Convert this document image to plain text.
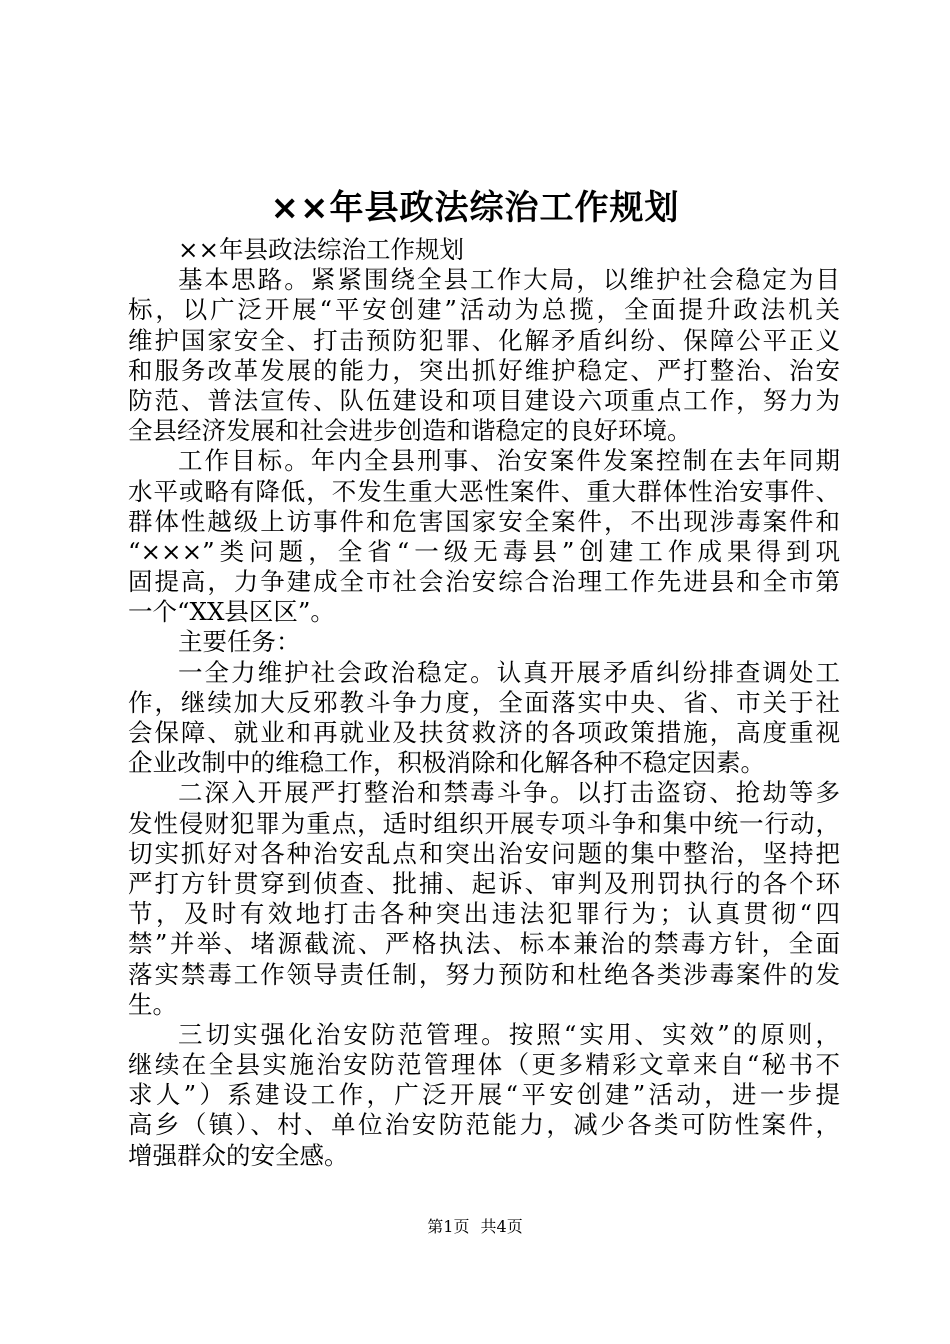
××年县政法综治工作规划
××年县政法综治工作规划
基本思路。紧紧围绕全县工作大局，以维护社会稳定为目
标，以广泛开展“平安创建”活动为总揽，全面提升政法机关
维护国家安全、打击预防犯罪、化解矛盾纠纷、保障公平正义
和服务改革发展的能力，突出抓好维护稳定、严打整治、治安
防范、普法宣传、队伍建设和项目建设六项重点工作，努力为
全县经济发展和社会进步创造和谐稳定的良好环境。
工作目标。年内全县刑事、治安案件发案控制在去年同期
水平或略有降低，不发生重大恶性案件、重大群体性治安事件、
群体性越级上访事件和危害国家安全案件，不出现涉毒案件和
“×××”类问题，全省“一级无毒县”创建工作成果得到巩
固提高，力争建成全市社会治安综合治理工作先进县和全市第
一个“XX县区区”。
主要任务：
一全力维护社会政治稳定。认真开展矛盾纠纷排查调处工
作，继续加大反邪教斗争力度，全面落实中央、省、市关于社
会保障、就业和再就业及扶贫救济的各项政策措施，高度重视
企业改制中的维稳工作，积极消除和化解各种不稳定因素。
二深入开展严打整治和禁毒斗争。以打击盗窃、抢劫等多
发性侵财犯罪为重点，适时组织开展专项斗争和集中统一行动，
切实抓好对各种治安乱点和突出治安问题的集中整治，坚持把
严打方针贯穿到侦查、批捕、起诉、审判及刑罚执行的各个环
节，及时有效地打击各种突出违法犯罪行为；认真贯彻“四
禁”并举、堵源截流、严格执法、标本兼治的禁毒方针，全面
落实禁毒工作领导责任制，努力预防和杜绝各类涉毒案件的发
生。
三切实强化治安防范管理。按照“实用、实效”的原则，
继续在全县实施治安防范管理体（更多精彩文章来自“秘书不
求人”）系建设工作，广泛开展“平安创建”活动，进一步提
高乡（镇）、村、单位治安防范能力，减少各类可防性案件，
增强群众的安全感。
第1页 共4页
